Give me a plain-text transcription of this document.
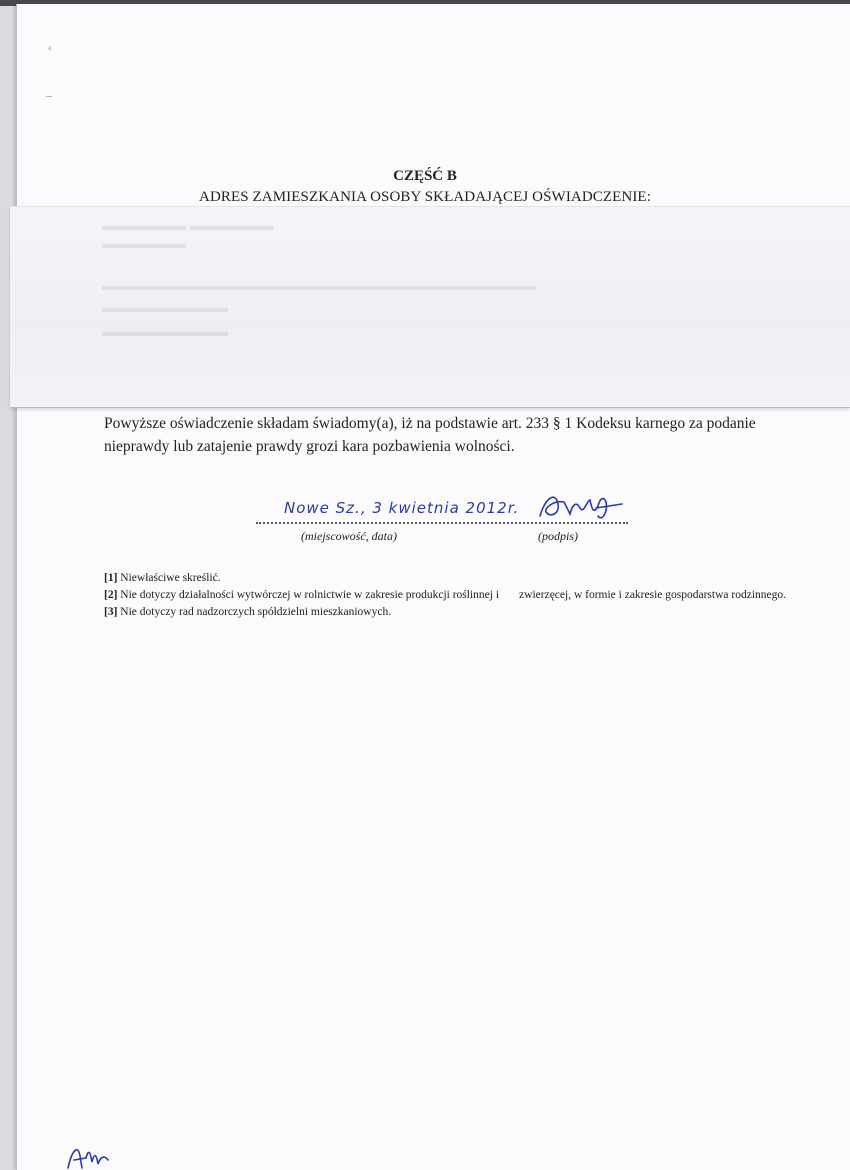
‹
–
▬▬▬▬▬▬ ▬▬▬▬▬▬
▬▬▬▬▬▬
▬▬▬▬▬▬▬▬▬▬▬▬▬▬▬▬▬▬▬▬▬▬▬▬▬▬▬▬▬▬▬
▬▬▬▬▬▬▬▬▬
▬▬▬▬▬▬▬▬▬
CZĘŚĆ B
ADRES ZAMIESZKANIA OSOBY SKŁADAJĄCEJ OŚWIADCZENIE:
Powyższe oświadczenie składam świadomy(a), iż na podstawie art. 233 § 1 Kodeksu karnego za podanie nieprawdy lub zatajenie prawdy grozi kara pozbawienia wolności.
Nowe Sz., 3 kwietnia 2012r.
(miejscowość, data)	(podpis)

[1] Niewłaściwe skreślić.

[2] Nie dotyczy działalności wytwórczej w rolnictwie w zakresie produkcji roślinnej i zwierzęcej, w formie i zakresie gospodarstwa rodzinnego.

[3] Nie dotyczy rad nadzorczych spółdzielni mieszkaniowych.
